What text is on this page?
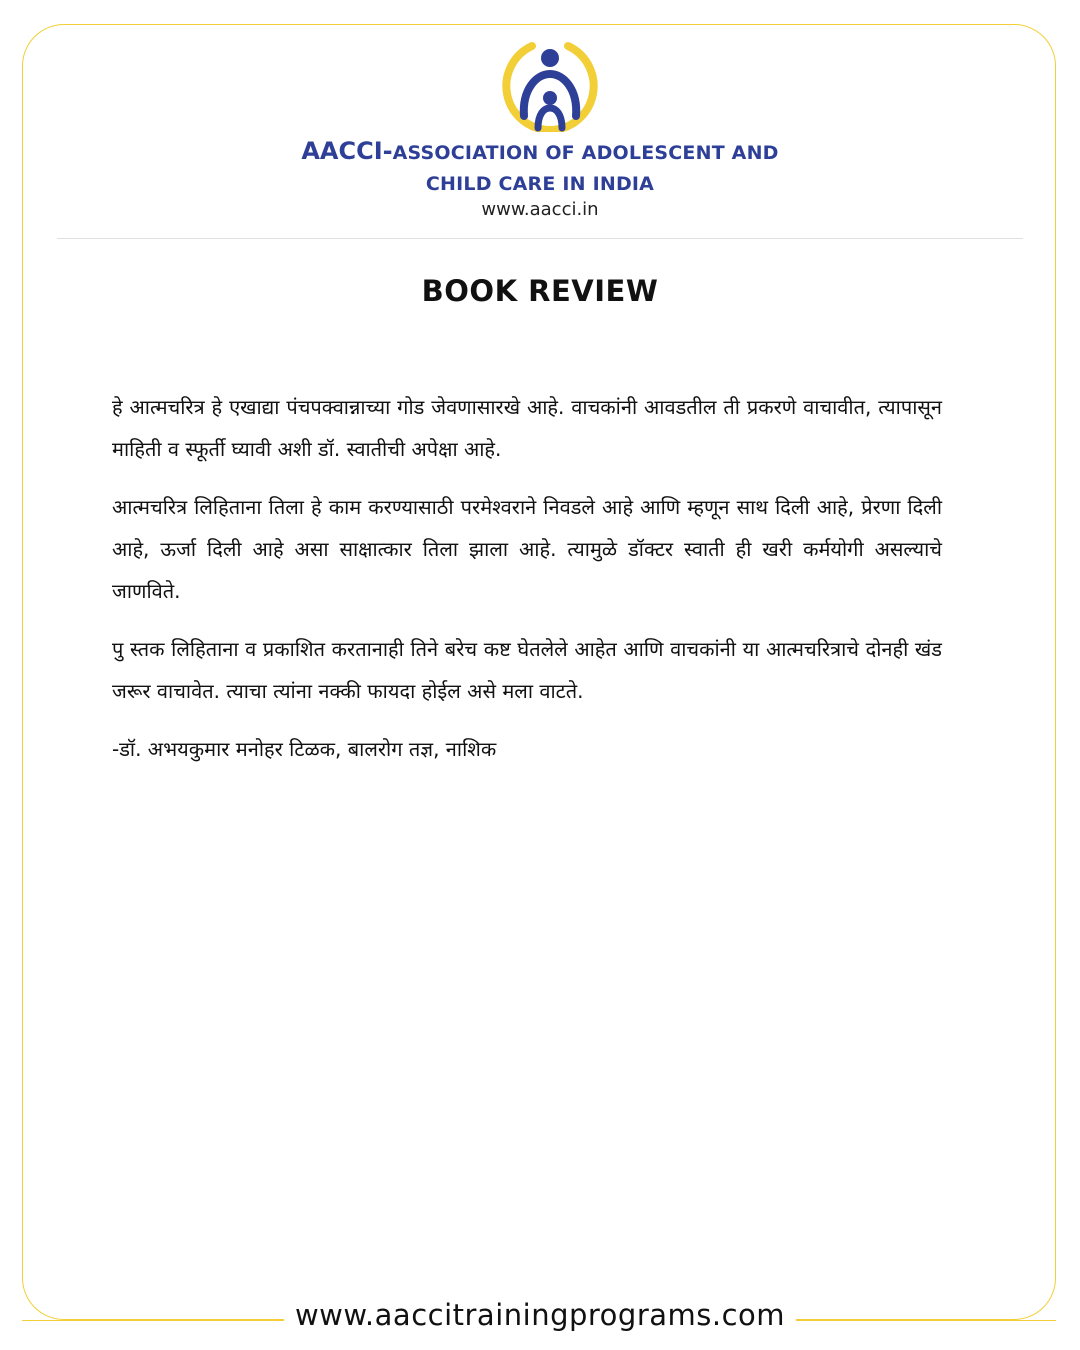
AACCI-ASSOCIATION OF ADOLESCENT AND
CHILD CARE IN INDIA
www.aacci.in
BOOK REVIEW

हे आत्मचरित्र हे एखाद्या पंचपक्वान्नाच्या गोड जेवणासारखे आहे. वाचकांनी आवडतील ती प्रकरणे वाचावीत, त्यापासून माहिती व स्फूर्ती घ्यावी अशी डॉ. स्वातीची अपेक्षा आहे.

आत्मचरित्र लिहिताना तिला हे काम करण्यासाठी परमेश्वराने निवडले आहे आणि म्हणून साथ दिली आहे, प्रेरणा दिली आहे, ऊर्जा दिली आहे असा साक्षात्कार तिला झाला आहे. त्यामुळे डॉक्टर स्वाती ही खरी कर्मयोगी असल्याचे जाणविते.

पु स्तक लिहिताना व प्रकाशित करतानाही तिने बरेच कष्ट घेतलेले आहेत आणि वाचकांनी या आत्मचरित्राचे दोनही खंड जरूर वाचावेत. त्याचा त्यांना नक्की फायदा होईल असे मला वाटते.

-डॉ. अभयकुमार मनोहर टिळक, बालरोग तज्ञ, नाशिक

www.aaccitrainingprograms.com
